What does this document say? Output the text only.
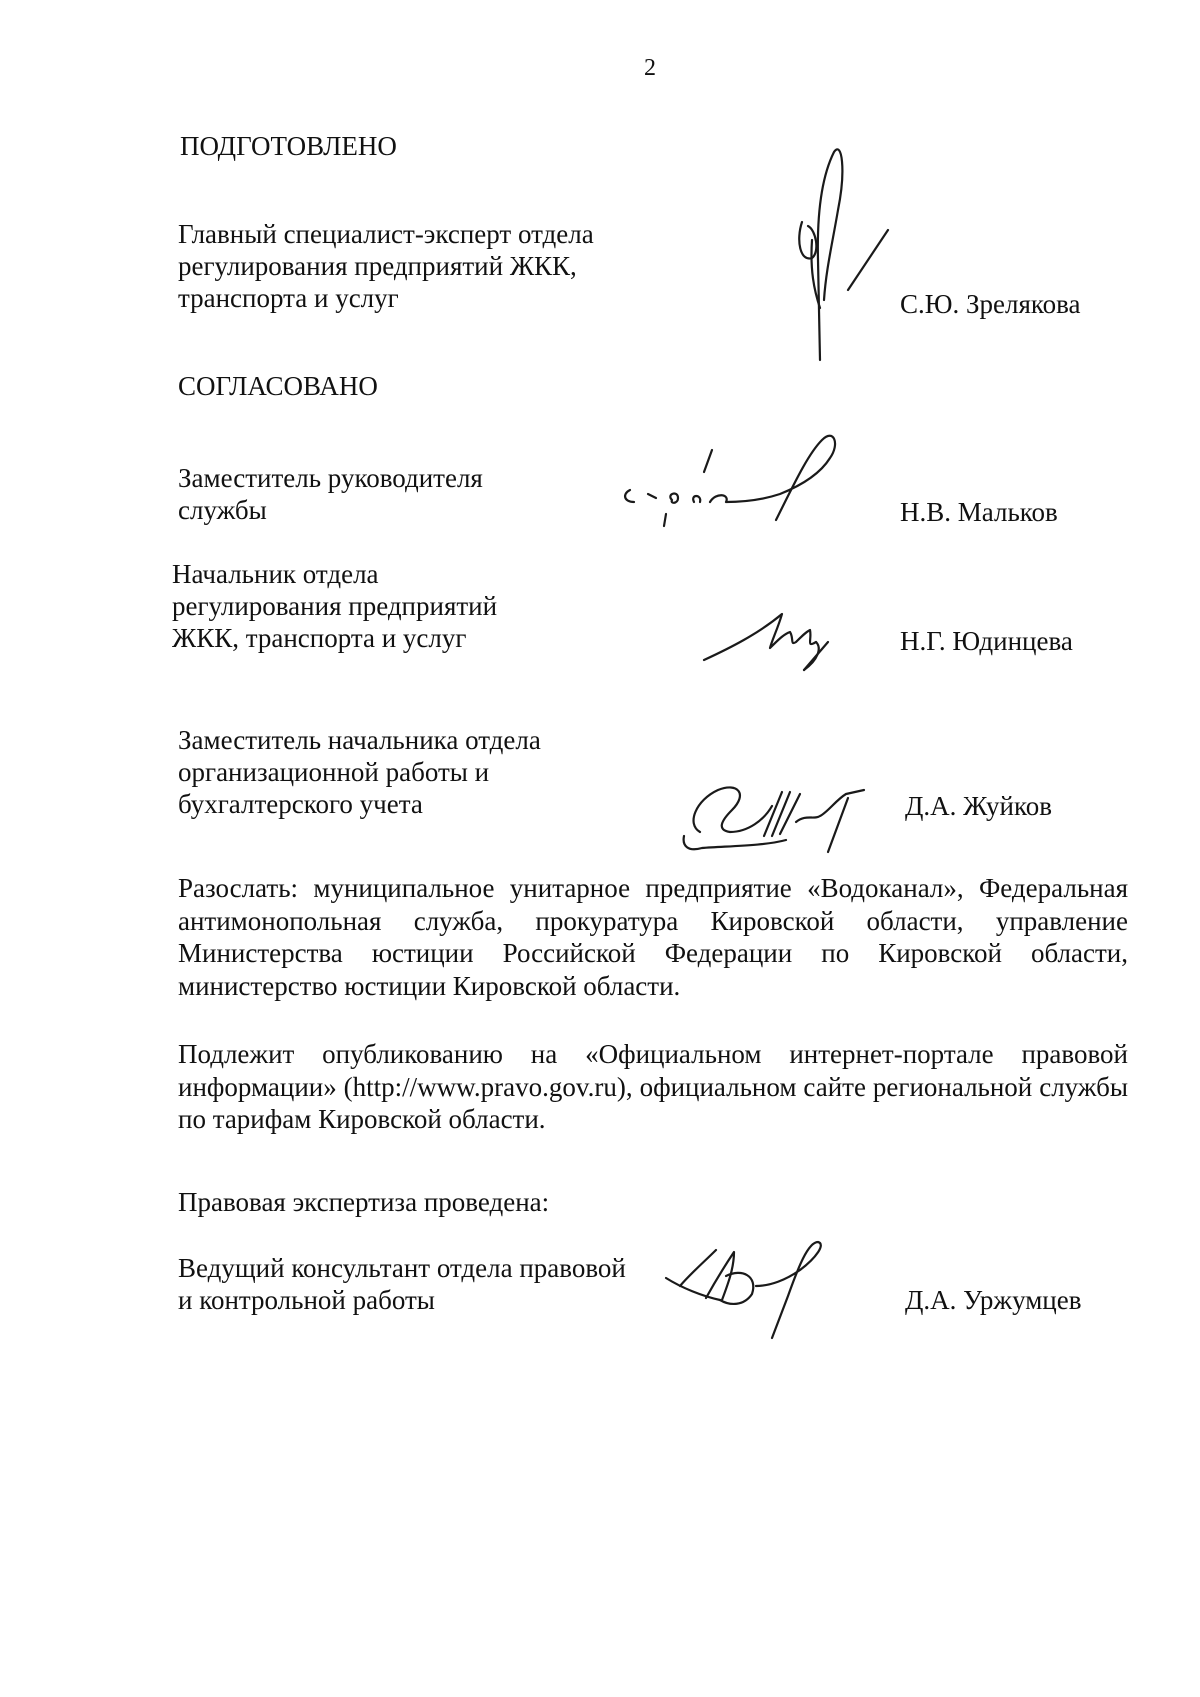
2
ПОДГОТОВЛЕНО
Главный специалист-эксперт отдела
регулирования предприятий ЖКК,
транспорта и услуг	С.Ю. Зрелякова
СОГЛАСОВАНО
Заместитель руководителя
службы	Н.В. Мальков
Начальник отдела
регулирования предприятий
ЖКК, транспорта и услуг	Н.Г. Юдинцева
Заместитель начальника отдела
организационной работы и
бухгалтерского учета	Д.А. Жуйков
Разослать: муниципальное унитарное предприятие «Водоканал», Федеральная антимонопольная служба, прокуратура Кировской области, управление Министерства юстиции Российской Федерации по Кировской области, министерство юстиции Кировской области.
Подлежит опубликованию на «Официальном интернет-портале правовой информации» (http://www.pravo.gov.ru), официальном сайте региональной службы по тарифам Кировской области.
Правовая экспертиза проведена:
Ведущий консультант отдела правовой
и контрольной работы	Д.А. Уржумцев
